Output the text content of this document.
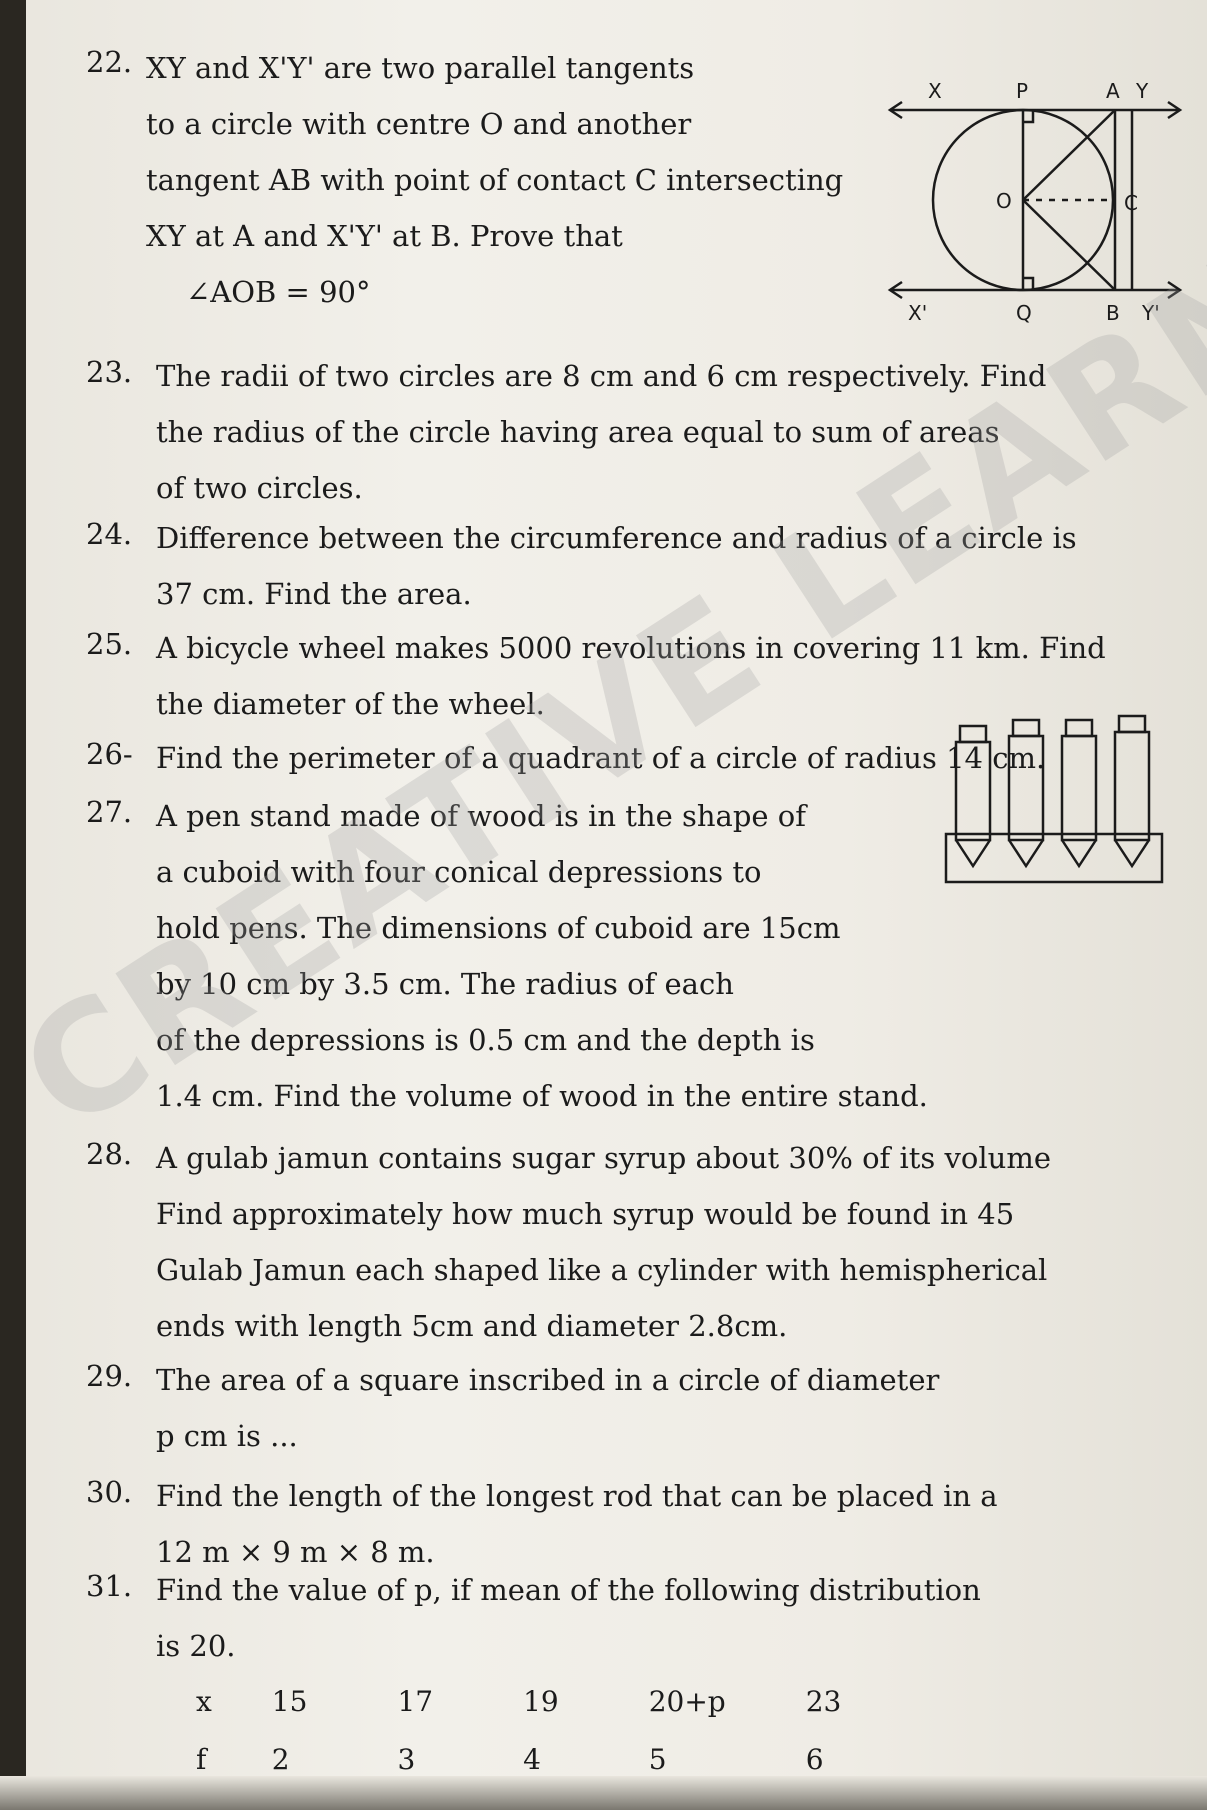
22. XY and X'Y' are two parallel tangents
to a circle with centre O and another
tangent AB with point of contact C intersecting
XY at A and X'Y' at B. Prove that
∠AOB = 90°
X	P	A Y
O	C
X'	Q	B Y'
23. The radii of two circles are 8 cm and 6 cm respectively. Find
the radius of the circle having area equal to sum of areas
of two circles.
24. Difference between the circumference and radius of a circle is
37 cm. Find the area.
25. A bicycle wheel makes 5000 revolutions in covering 11 km. Find
the diameter of the wheel.
26- Find the perimeter of a quadrant of a circle of radius 14 cm.
27. A pen stand made of wood is in the shape of
a cuboid with four conical depressions to
hold pens. The dimensions of cuboid are 15cm
by 10 cm by 3.5 cm. The radius of each
of the depressions is 0.5 cm and the depth is
1.4 cm. Find the volume of wood in the entire stand.
28. A gulab jamun contains sugar syrup about 30% of its volume
Find approximately how much syrup would be found in 45
Gulab Jamun each shaped like a cylinder with hemispherical
ends with length 5cm and diameter 2.8cm.
29. The area of a square inscribed in a circle of diameter
p cm is ...
30. Find the length of the longest rod that can be placed in a
12 m × 9 m × 8 m.
31. Find the value of p, if mean of the following distribution
is 20.
x	15	17	19	20+p	23
f	2	3	4	5	6
